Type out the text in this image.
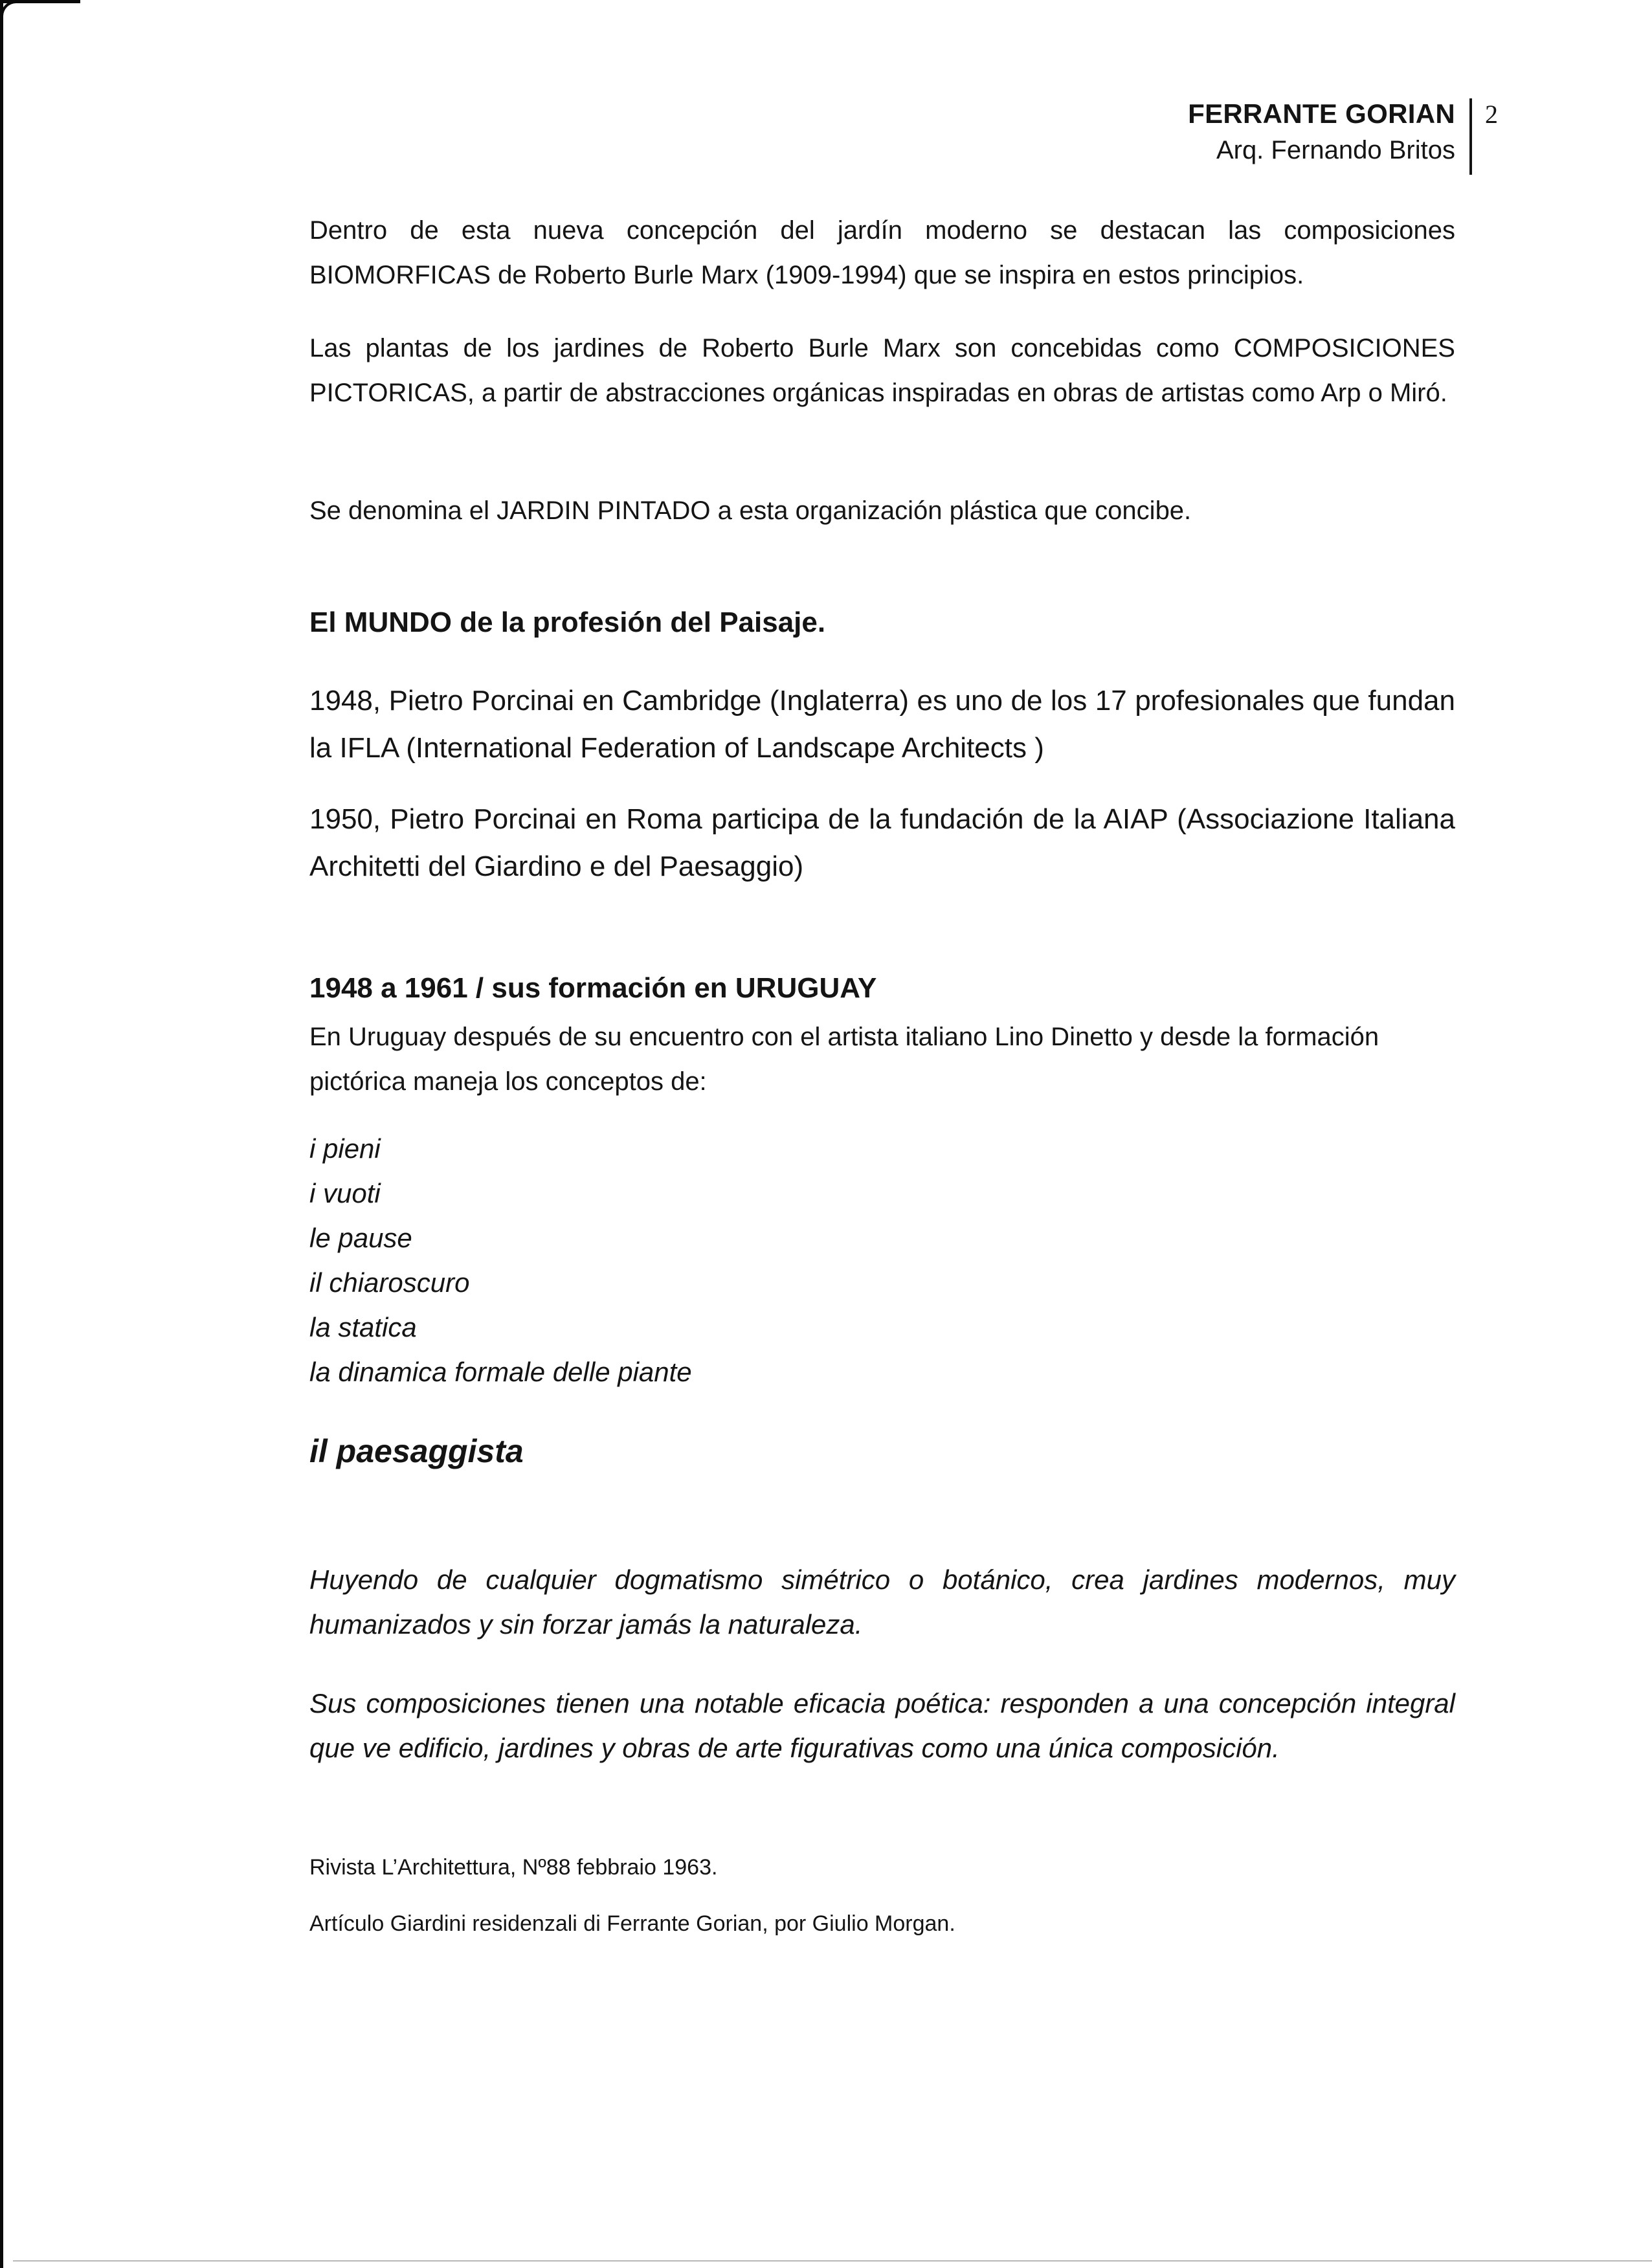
FERRANTE GORIAN
Arq. Fernando Britos
2

Dentro de esta nueva concepción del jardín moderno se destacan las composiciones BIOMORFICAS de Roberto Burle Marx (1909-1994) que se inspira en estos principios.

Las plantas de los jardines de Roberto Burle Marx son concebidas como COMPOSICIONES PICTORICAS, a partir de abstracciones orgánicas inspiradas en obras de artistas como Arp o Miró.

Se denomina el JARDIN PINTADO a esta organización plástica que concibe.

El MUNDO de la profesión del Paisaje.

1948, Pietro Porcinai en Cambridge (Inglaterra) es uno de los 17 profesionales que fundan la IFLA (International Federation of Landscape Architects )

1950, Pietro Porcinai en Roma participa de la fundación de la AIAP (Associazione Italiana Architetti del Giardino e del Paesaggio)

1948 a 1961 / sus formación en URUGUAY

En Uruguay después de su encuentro con el artista italiano Lino Dinetto y desde la formación pictórica maneja los conceptos de:

i pieni
i vuoti
le pause
il chiaroscuro
la statica
la dinamica formale delle piante
il paesaggista

Huyendo de cualquier dogmatismo simétrico o botánico, crea jardines modernos, muy humanizados y sin forzar jamás la naturaleza.

Sus composiciones tienen una notable eficacia poética: responden a una concepción integral que ve edificio, jardines y obras de arte figurativas como una única composición.

Rivista L’Architettura, Nº88 febbraio 1963.

Artículo Giardini residenzali di Ferrante Gorian, por Giulio Morgan.
